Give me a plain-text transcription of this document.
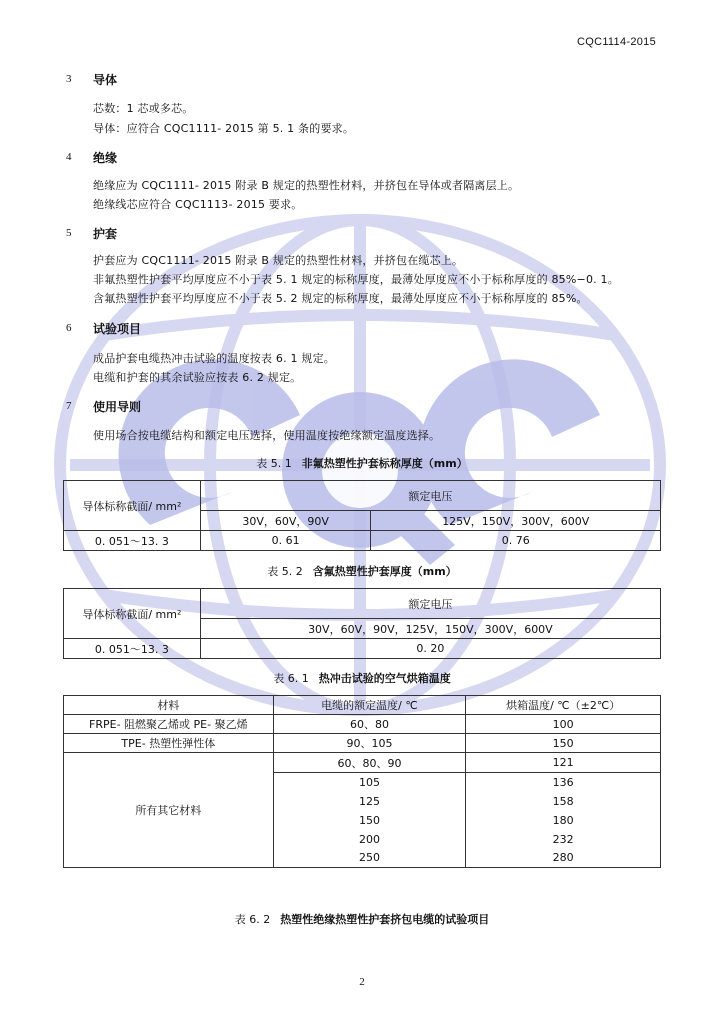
CQC1114-2015
3 导体
芯数：1 芯或多芯。
导体：应符合 CQC1111- 2015 第 5. 1 条的要求。
4 绝缘
绝缘应为 CQC1111- 2015 附录 B 规定的热塑性材料，并挤包在导体或者隔离层上。
绝缘线芯应符合 CQC1113- 2015 要求。
5 护套
护套应为 CQC1111- 2015 附录 B 规定的热塑性材料，并挤包在缆芯上。
非氟热塑性护套平均厚度应不小于表 5. 1 规定的标称厚度，最薄处厚度应不小于标称厚度的 85%−0. 1。
含氟热塑性护套平均厚度应不小于表 5. 2 规定的标称厚度，最薄处厚度应不小于标称厚度的 85%。
6 试验项目
成品护套电缆热冲击试验的温度按表 6. 1 规定。
电缆和护套的其余试验应按表 6. 2 规定。
7 使用导则
使用场合按电缆结构和额定电压选择，使用温度按绝缘额定温度选择。
表 5. 1 非氟热塑性护套标称厚度（mm）
导体标称截面/ mm²	额定电压	
	30V，60V，90V	125V，150V，300V，600V
0. 051～13. 3	0. 61	0. 76
表 5. 2 含氟热塑性护套厚度（mm）
导体标称截面/ mm²	额定电压
	30V，60V，90V，125V，150V，300V，600V
0. 051～13. 3	0. 20
表 6. 1 热冲击试验的空气烘箱温度
材料	电缆的额定温度/ ℃	烘箱温度/ ℃（±2℃）
FRPE- 阻燃聚乙烯或 PE- 聚乙烯	60、80	100
TPE- 热塑性弹性体	90、105	150
所有其它材料	60、80、90	121
	105	136
	125	158
	150	180
	200	232
	250	280
表 6. 2 热塑性绝缘热塑性护套挤包电缆的试验项目
2
